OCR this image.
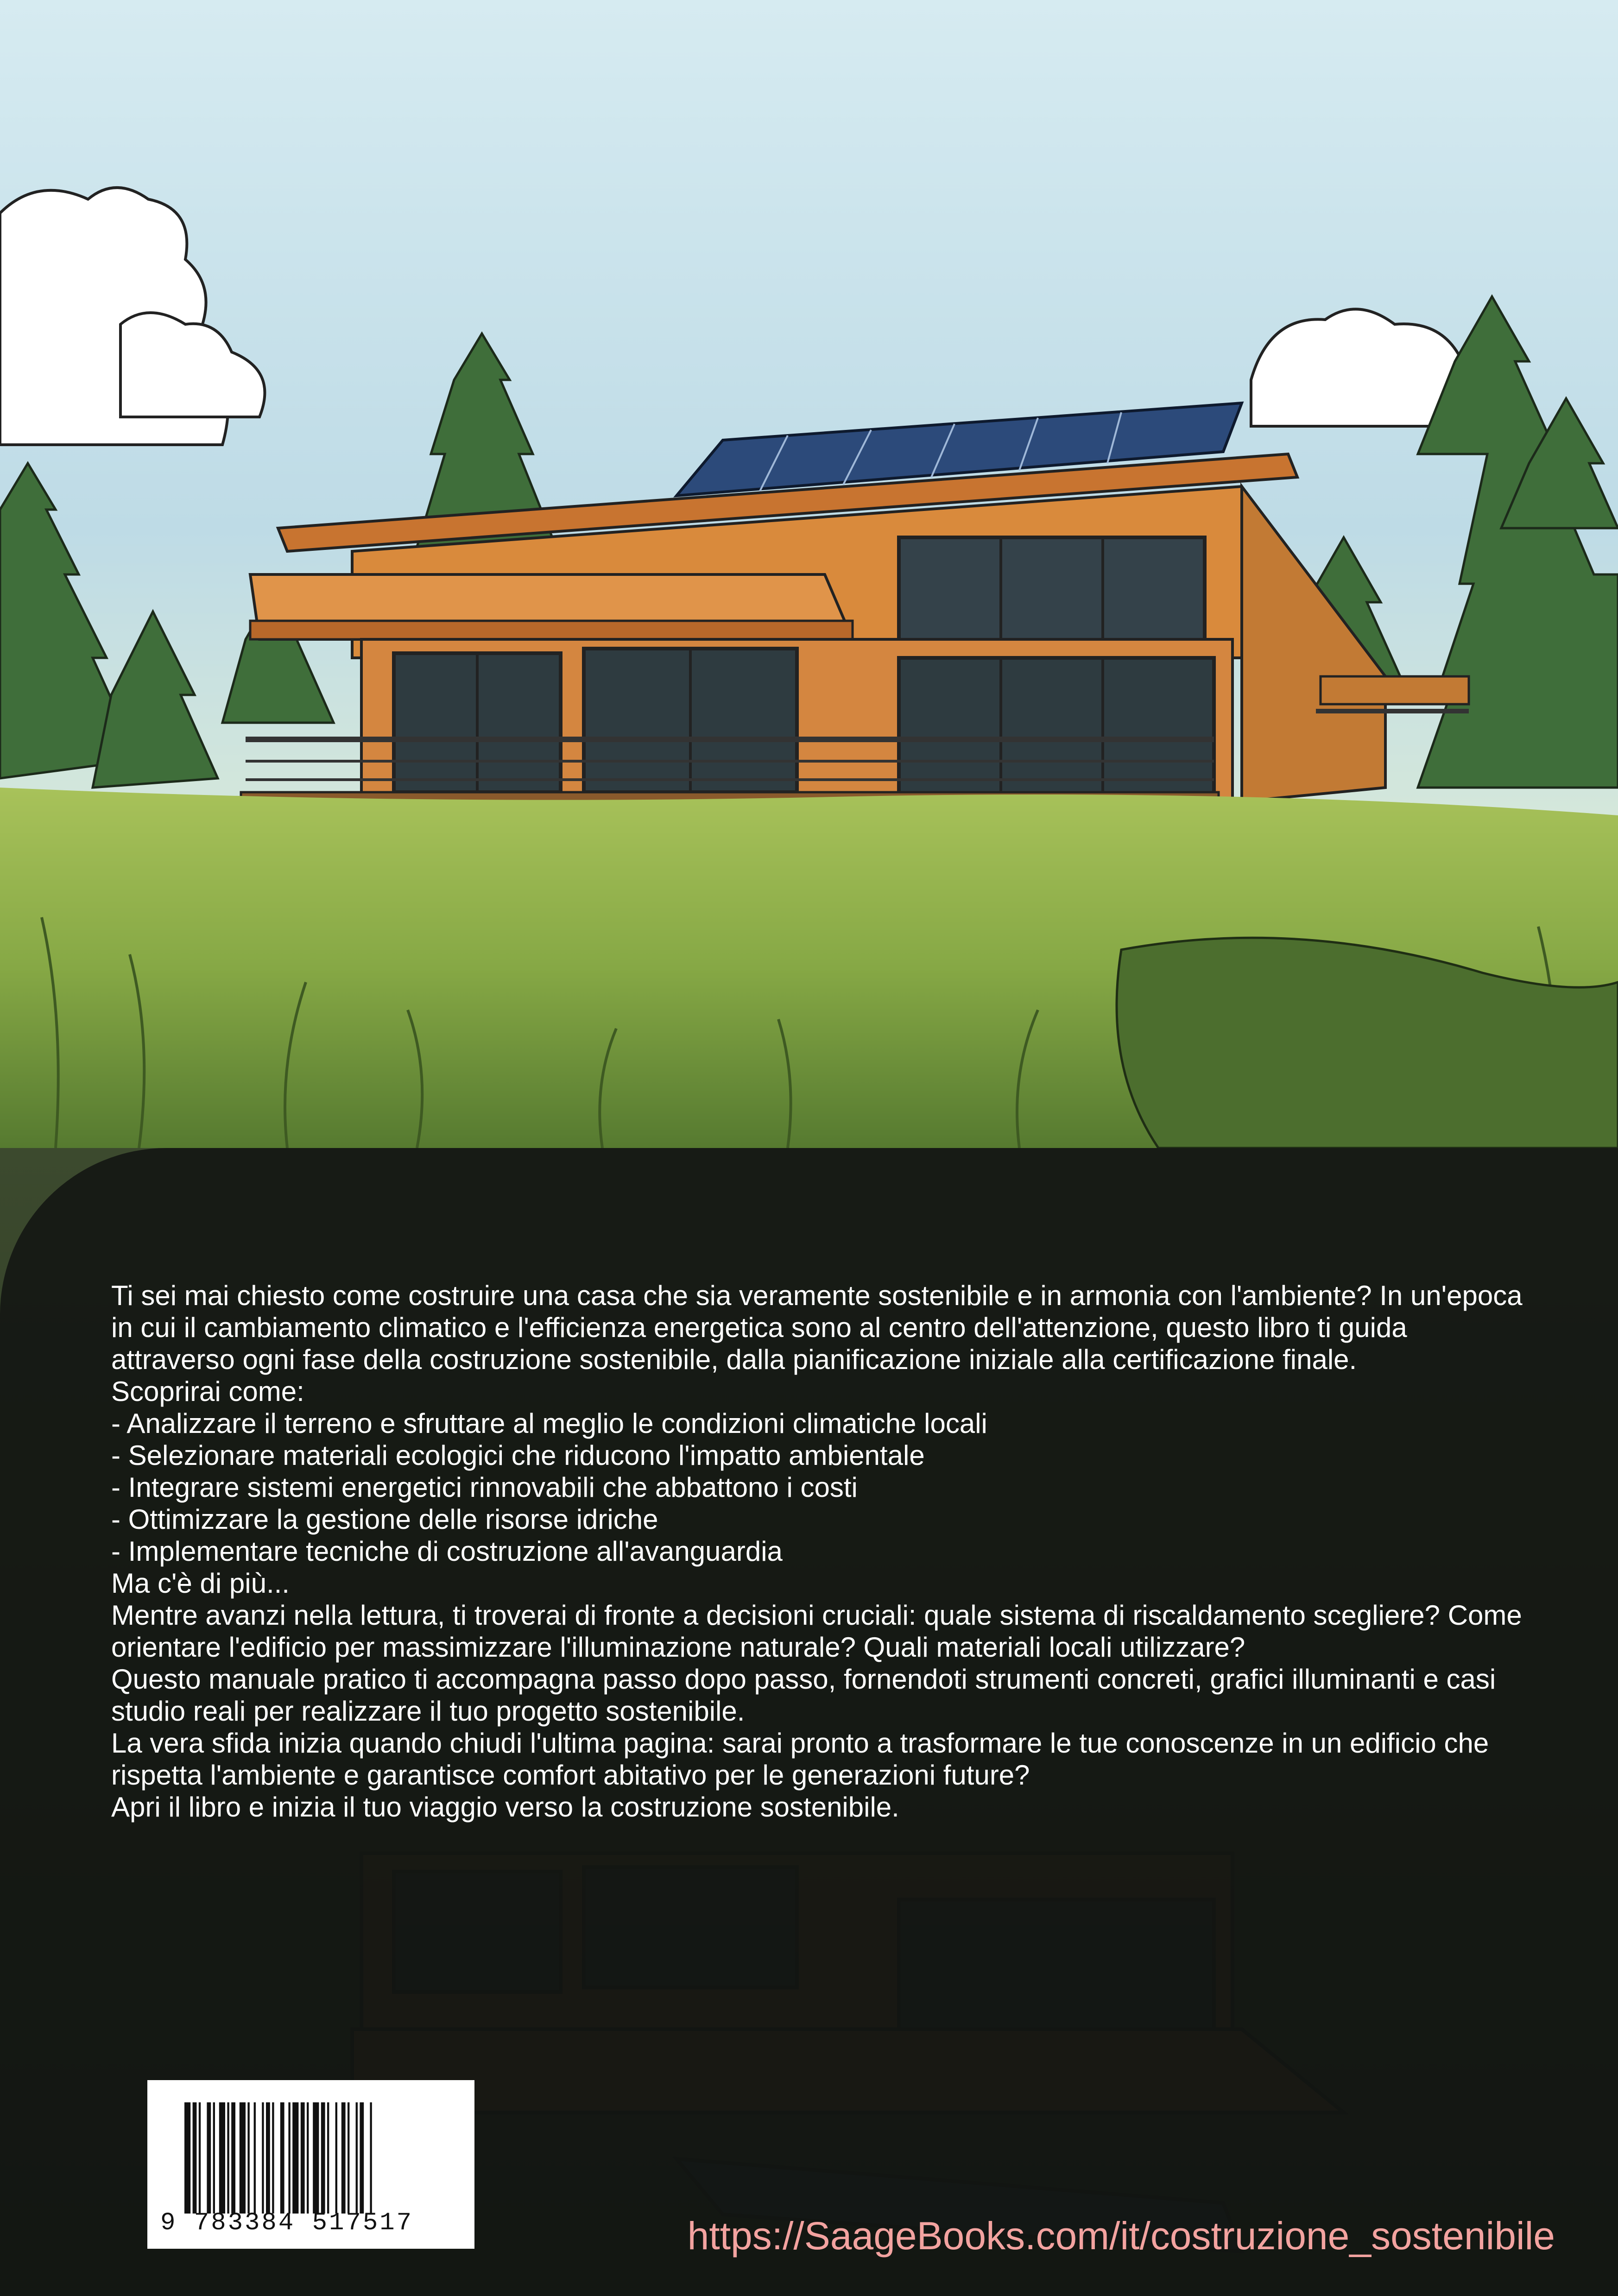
Ti sei mai chiesto come costruire una casa che sia veramente sostenibile e in armonia con l'ambiente? In un'epoca in cui il cambiamento climatico e l'efficienza energetica sono al centro dell'attenzione, questo libro ti guida attraverso ogni fase della costruzione sostenibile, dalla pianificazione iniziale alla certificazione finale.

Scoprirai come:

- Analizzare il terreno e sfruttare al meglio le condizioni climatiche locali

- Selezionare materiali ecologici che riducono l'impatto ambientale

- Integrare sistemi energetici rinnovabili che abbattono i costi

- Ottimizzare la gestione delle risorse idriche

- Implementare tecniche di costruzione all'avanguardia

Ma c'è di più...

Mentre avanzi nella lettura, ti troverai di fronte a decisioni cruciali: quale sistema di riscaldamento scegliere? Come orientare l'edificio per massimizzare l'illuminazione naturale? Quali materiali locali utilizzare?

Questo manuale pratico ti accompagna passo dopo passo, fornendoti strumenti concreti, grafici illuminanti e casi studio reali per realizzare il tuo progetto sostenibile.

La vera sfida inizia quando chiudi l'ultima pagina: sarai pronto a trasformare le tue conoscenze in un edificio che rispetta l'ambiente e garantisce comfort abitativo per le generazioni future?

Apri il libro e inizia il tuo viaggio verso la costruzione sostenibile.

9 783384 517517	https://SaageBooks.com/it/costruzione_sostenibile
